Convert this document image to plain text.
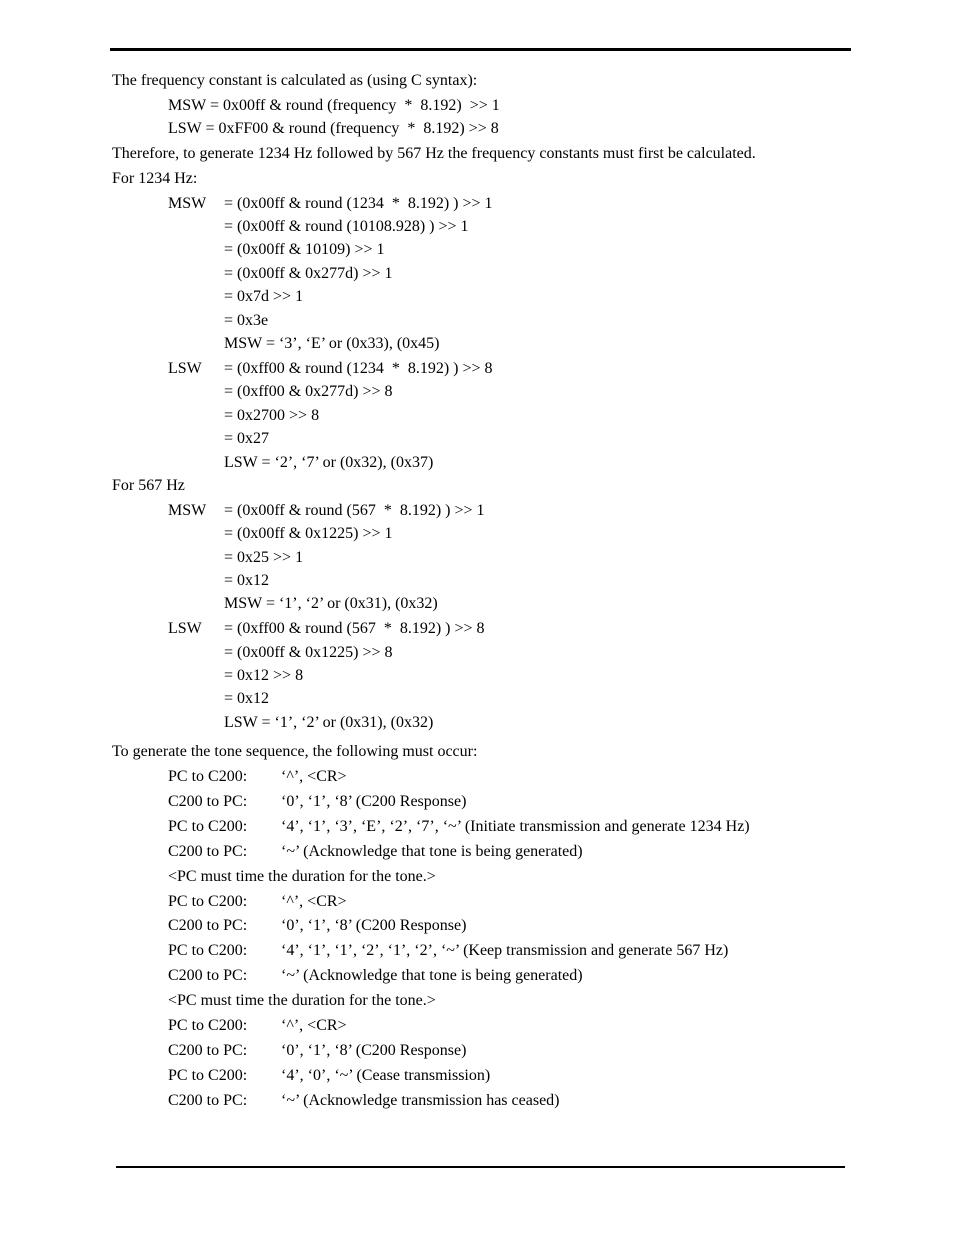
The frequency constant is calculated as (using C syntax):
MSW = 0x00ff & round (frequency  *  8.192)  >> 1
LSW = 0xFF00 & round (frequency  *  8.192) >> 8
Therefore, to generate 1234 Hz followed by 567 Hz the frequency constants must first be calculated.
For 1234 Hz:
MSW = (0x00ff & round (1234  *  8.192) ) >> 1
= (0x00ff & round (10108.928) ) >> 1
= (0x00ff & 10109) >> 1
= (0x00ff & 0x277d) >> 1
= 0x7d >> 1
= 0x3e
MSW = ‘3’, ‘E’ or (0x33), (0x45)
LSW = (0xff00 & round (1234  *  8.192) ) >> 8
= (0xff00 & 0x277d) >> 8
= 0x2700 >> 8
= 0x27
LSW = ‘2’, ‘7’ or (0x32), (0x37)
For 567 Hz
MSW = (0x00ff & round (567  *  8.192) ) >> 1
= (0x00ff & 0x1225) >> 1
= 0x25 >> 1
= 0x12
MSW = ‘1’, ‘2’ or (0x31), (0x32)
LSW = (0xff00 & round (567  *  8.192) ) >> 8
= (0x00ff & 0x1225) >> 8
= 0x12 >> 8
= 0x12
LSW = ‘1’, ‘2’ or (0x31), (0x32)
To generate the tone sequence, the following must occur:
PC to C200: ‘^’, <CR>
C200 to PC: ‘0’, ‘1’, ‘8’ (C200 Response)
PC to C200: ‘4’, ‘1’, ‘3’, ‘E’, ‘2’, ‘7’, ‘~’ (Initiate transmission and generate 1234 Hz)
C200 to PC: ‘~’ (Acknowledge that tone is being generated)
<PC must time the duration for the tone.>
PC to C200: ‘^’, <CR>
C200 to PC: ‘0’, ‘1’, ‘8’ (C200 Response)
PC to C200: ‘4’, ‘1’, ‘1’, ‘2’, ‘1’, ‘2’, ‘~’ (Keep transmission and generate 567 Hz)
C200 to PC: ‘~’ (Acknowledge that tone is being generated)
<PC must time the duration for the tone.>
PC to C200: ‘^’, <CR>
C200 to PC: ‘0’, ‘1’, ‘8’ (C200 Response)
PC to C200: ‘4’, ‘0’, ‘~’ (Cease transmission)
C200 to PC: ‘~’ (Acknowledge transmission has ceased)
